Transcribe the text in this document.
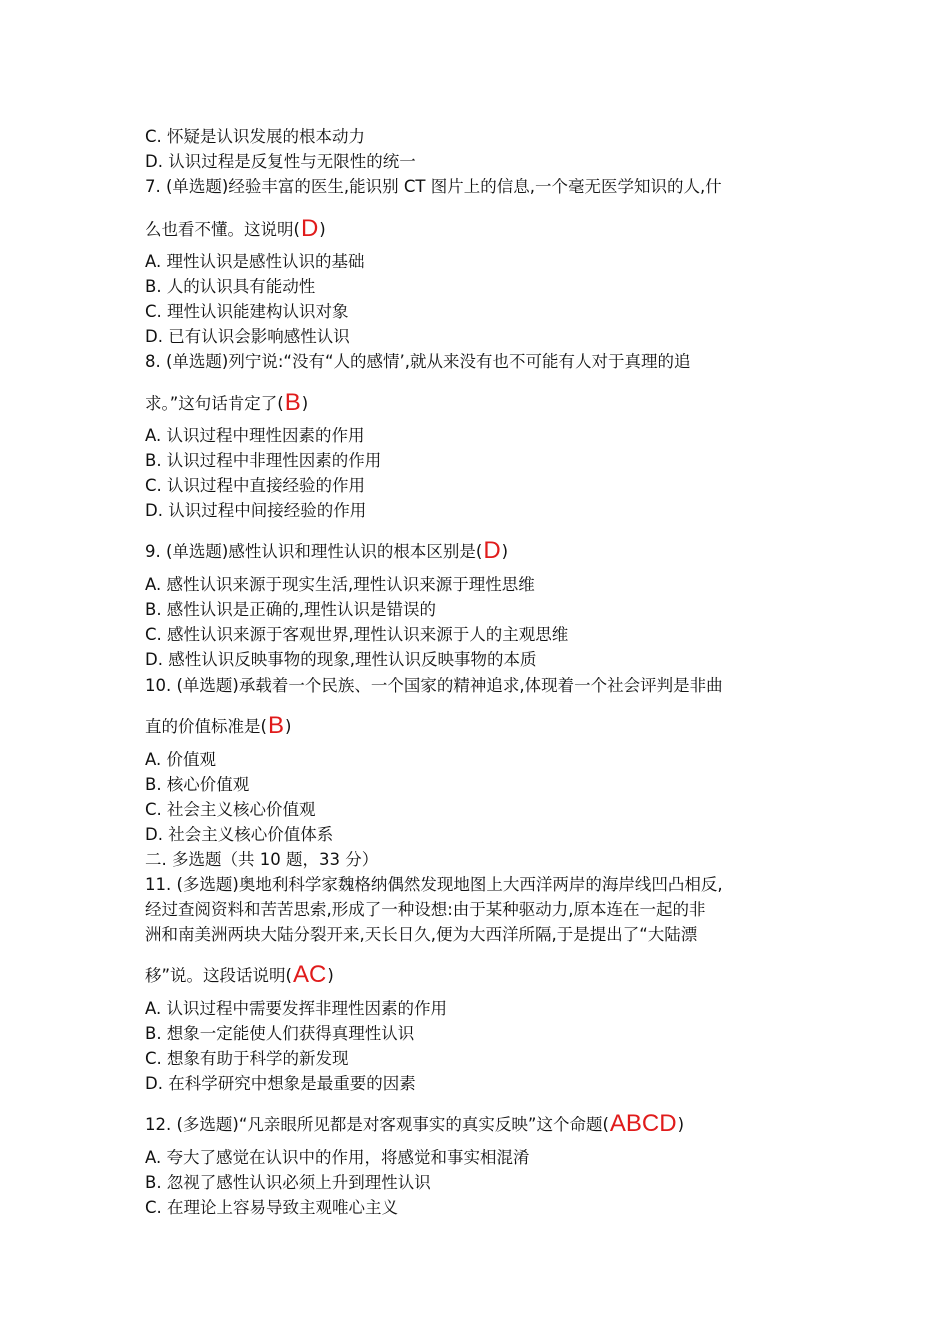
C. 怀疑是认识发展的根本动力
D. 认识过程是反复性与无限性的统一
7. (单选题)经验丰富的医生,能识别 CT 图片上的信息,一个毫无医学知识的人,什
么也看不懂。这说明(D)
A. 理性认识是感性认识的基础
B. 人的认识具有能动性
C. 理性认识能建构认识对象
D. 已有认识会影响感性认识
8. (单选题)列宁说:“没有“人的感情’,就从来没有也不可能有人对于真理的追
求。”这句话肯定了(B)
A. 认识过程中理性因素的作用
B. 认识过程中非理性因素的作用
C. 认识过程中直接经验的作用
D. 认识过程中间接经验的作用
9. (单选题)感性认识和理性认识的根本区别是(D)
A. 感性认识来源于现实生活,理性认识来源于理性思维
B. 感性认识是正确的,理性认识是错误的
C. 感性认识来源于客观世界,理性认识来源于人的主观思维
D. 感性认识反映事物的现象,理性认识反映事物的本质
10. (单选题)承载着一个民族、一个国家的精神追求,体现着一个社会评判是非曲
直的价值标准是(B)
A. 价值观
B. 核心价值观
C. 社会主义核心价值观
D. 社会主义核心价值体系
二. 多选题（共 10 题，33 分）
11. (多选题)奥地利科学家魏格纳偶然发现地图上大西洋两岸的海岸线凹凸相反,
经过查阅资料和苦苦思索,形成了一种设想:由于某种驱动力,原本连在一起的非
洲和南美洲两块大陆分裂开来,天长日久,便为大西洋所隔,于是提出了“大陆漂
移”说。这段话说明(AC)
A. 认识过程中需要发挥非理性因素的作用
B. 想象一定能使人们获得真理性认识
C. 想象有助于科学的新发现
D. 在科学研究中想象是最重要的因素
12. (多选题)“凡亲眼所见都是对客观事实的真实反映”这个命题(ABCD)
A. 夸大了感觉在认识中的作用，将感觉和事实相混淆
B. 忽视了感性认识必须上升到理性认识
C. 在理论上容易导致主观唯心主义
